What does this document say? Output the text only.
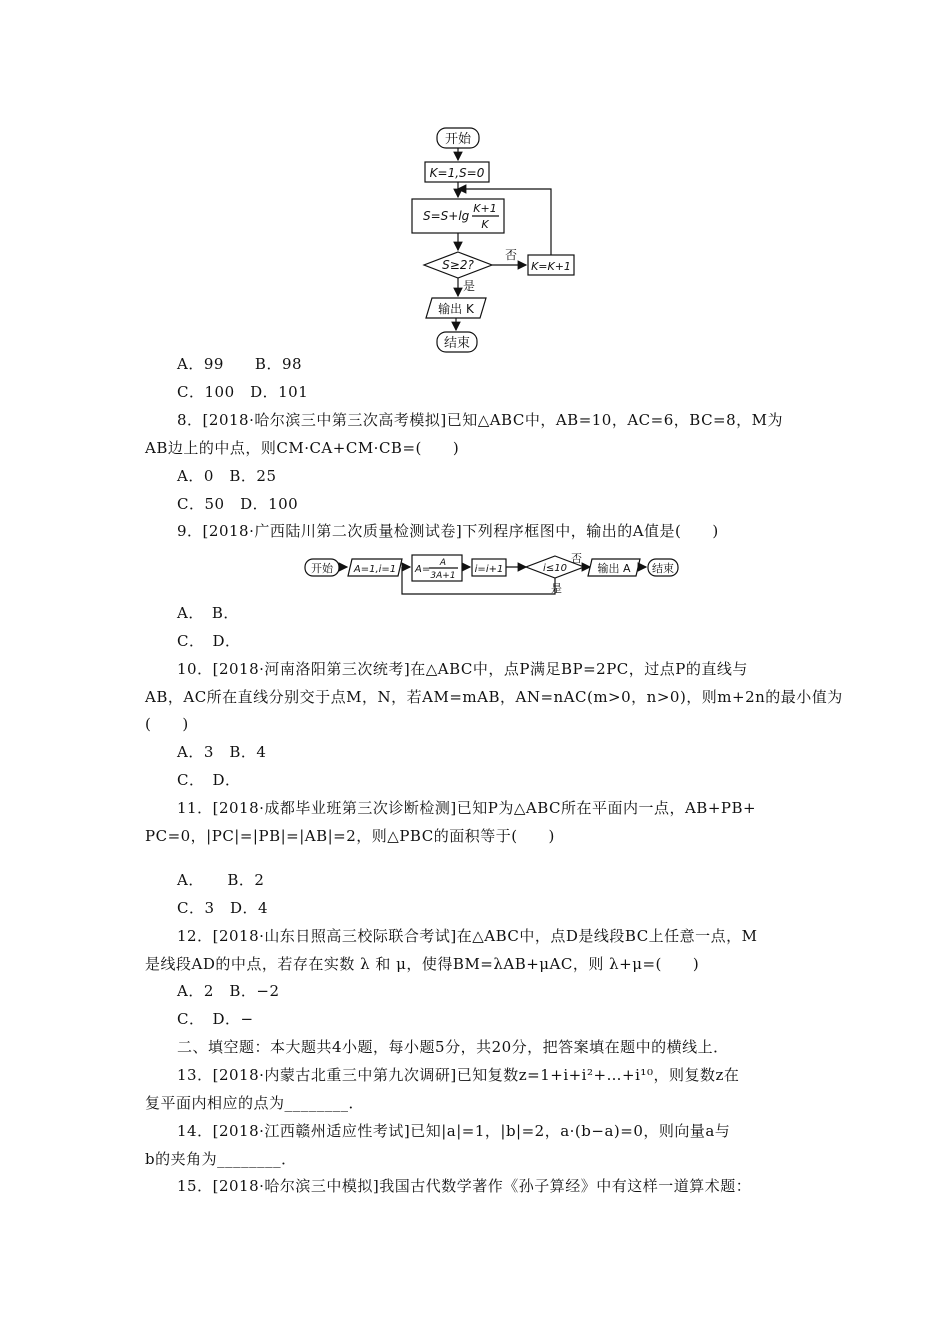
开始
K=1,S=0
S=S+lg
K+1
K
S≥2?
否
K=K+1
是
输出 K
结束
开始 A=1,i=1 A=
A
3A+1
i=i+1	i≤10
否
输出 A 结束
是
A．99　　B．98
C．100　D．101
8．[2018·哈尔滨三中第三次高考模拟]已知△ABC中，AB=10，AC=6，BC=8，M为
AB边上的中点，则CM·CA+CM·CB=(　　)
A．0　B．25
C．50　D．100
9．[2018·广西陆川第二次质量检测试卷]下列程序框图中，输出的A值是(　　)
A．　B．
C．　D．
10．[2018·河南洛阳第三次统考]在△ABC中，点P满足BP=2PC，过点P的直线与
AB，AC所在直线分别交于点M，N，若AM=mAB，AN=nAC(m>0，n>0)，则m+2n的最小值为
(　　)
A．3　B．4
C．　D．
11．[2018·成都毕业班第三次诊断检测]已知P为△ABC所在平面内一点，AB+PB+
PC=0，|PC|=|PB|=|AB|=2，则△PBC的面积等于(　　)
A．　　B．2
C．3　D．4
12．[2018·山东日照高三校际联合考试]在△ABC中，点D是线段BC上任意一点，M
是线段AD的中点，若存在实数 λ 和 μ，使得BM=λAB+μAC，则 λ+μ=(　　)
A．2　B．−2
C．　D．−
二、填空题：本大题共4小题，每小题5分，共20分，把答案填在题中的横线上．
13．[2018·内蒙古北重三中第九次调研]已知复数z=1+i+i²+…+i¹⁰，则复数z在
复平面内相应的点为________．
14．[2018·江西赣州适应性考试]已知|a|=1，|b|=2，a·(b−a)=0，则向量a与
b的夹角为________．
15．[2018·哈尔滨三中模拟]我国古代数学著作《孙子算经》中有这样一道算术题：
